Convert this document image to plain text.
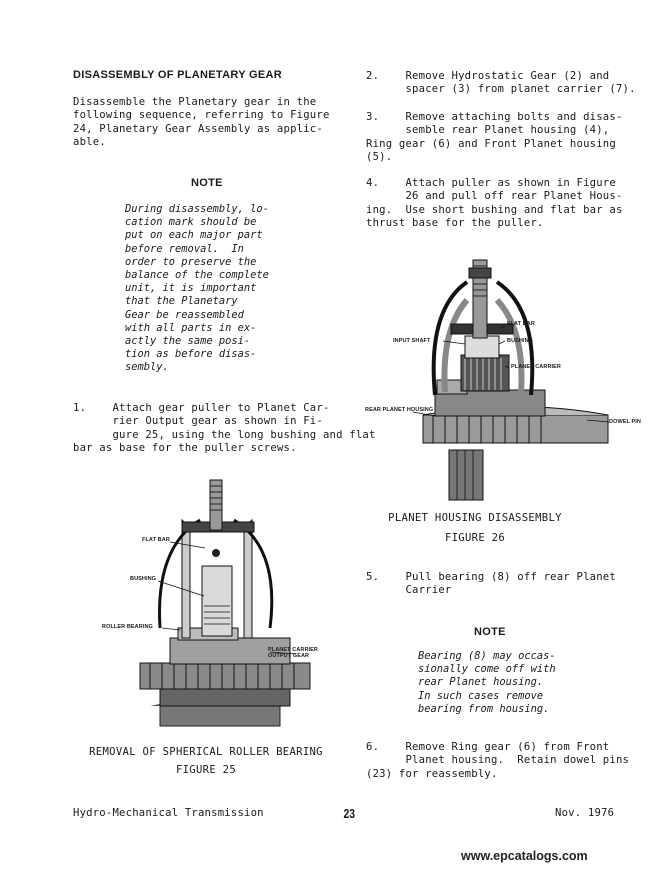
DISASSEMBLY OF PLANETARY GEAR

Disassemble the Planetary gear in the

following sequence, referring to Figure

24, Planetary Gear Assembly as applic-

able.

NOTE

During disassembly, lo-

cation mark should be

put on each major part

before removal.  In

order to preserve the

balance of the complete

unit, it is important

that the Planetary

Gear be reassembled

with all parts in ex-

actly the same posi-

tion as before disas-

sembly.

1.    Attach gear puller to Planet Car-

rier Output gear as shown in Fi-

gure 25, using the long bushing and flat

bar as base for the puller screws.

FLAT BAR
BUSHING
ROLLER BEARING
PLANET CARRIER
OUTPUT GEAR
REMOVAL OF SPHERICAL ROLLER BEARING
FIGURE 25

2.    Remove Hydrostatic Gear (2) and

spacer (3) from planet carrier (7).

3.    Remove attaching bolts and disas-

semble rear Planet housing (4),

Ring gear (6) and Front Planet housing

(5).

4.    Attach puller as shown in Figure

26 and pull off rear Planet Hous-

ing.  Use short bushing and flat bar as

thrust base for the puller.

FLAT BAR
INPUT SHAFT	BUSHING
PLANET CARRIER
REAR PLANET HOUSING
DOWEL PIN
PLANET HOUSING DISASSEMBLY
FIGURE 26

5.    Pull bearing (8) off rear Planet

Carrier

NOTE

Bearing (8) may occas-

sionally come off with

rear Planet housing.

In such cases remove

bearing from housing.

6.    Remove Ring gear (6) from Front

Planet housing.  Retain dowel pins

(23) for reassembly.

Hydro-Mechanical Transmission	23	Nov. 1976
www.epcatalogs.com
